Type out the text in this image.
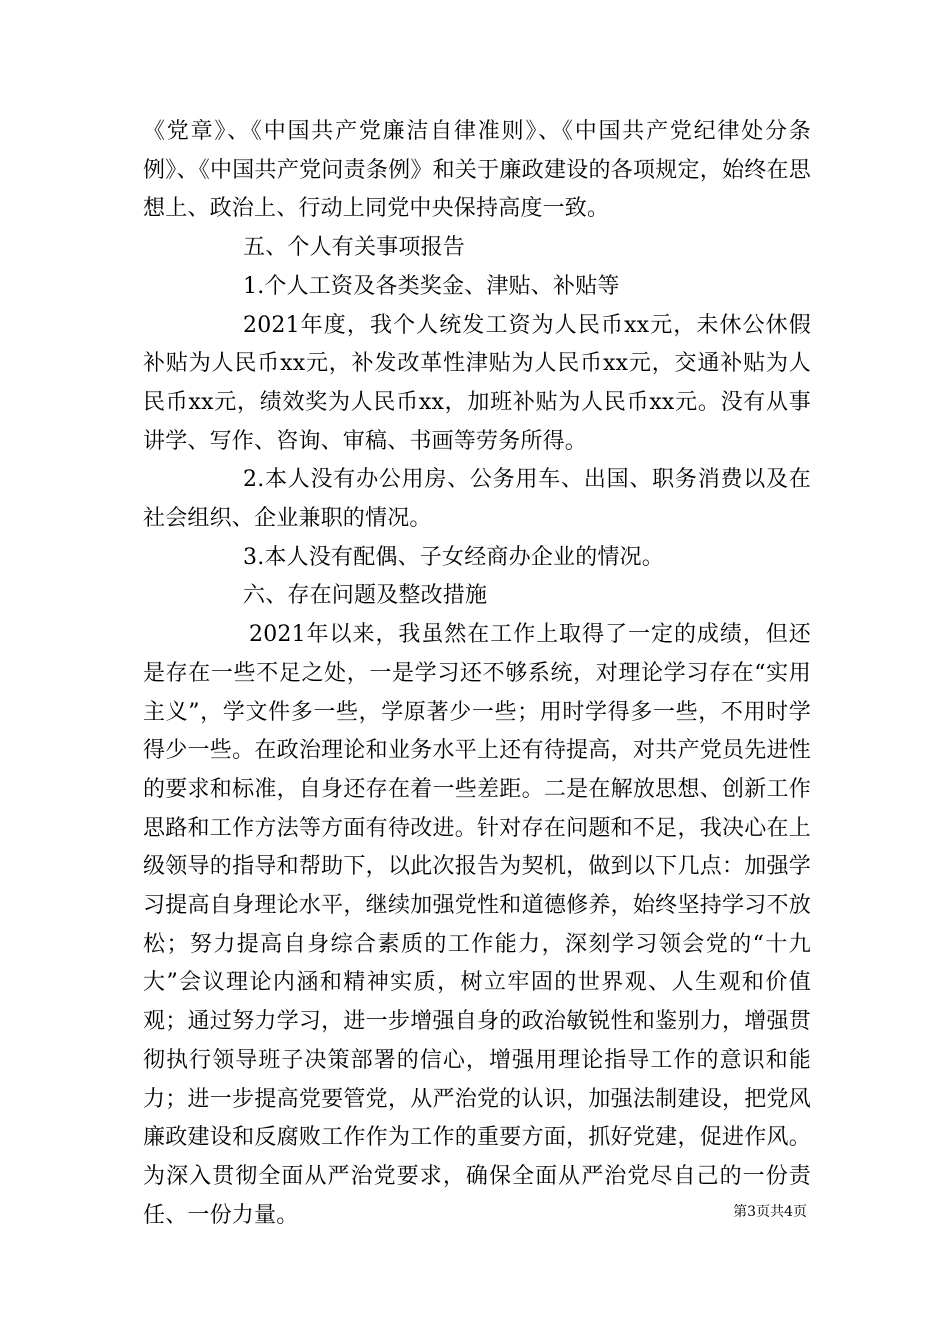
《党章》、《中国共产党廉洁自律准则》、《中国共产党纪律处分条例》、《中国共产党问责条例》和关于廉政建设的各项规定，始终在思想上、政治上、行动上同党中央保持高度一致。

五、个人有关事项报告

1.个人工资及各类奖金、津贴、补贴等

2021年度，我个人统发工资为人民币xx元，未休公休假补贴为人民币xx元，补发改革性津贴为人民币xx元，交通补贴为人民币xx元，绩效奖为人民币xx，加班补贴为人民币xx元。没有从事讲学、写作、咨询、审稿、书画等劳务所得。

2.本人没有办公用房、公务用车、出国、职务消费以及在社会组织、企业兼职的情况。

3.本人没有配偶、子女经商办企业的情况。

六、存在问题及整改措施

2021年以来，我虽然在工作上取得了一定的成绩，但还是存在一些不足之处，一是学习还不够系统，对理论学习存在“实用主义”，学文件多一些，学原著少一些；用时学得多一些，不用时学得少一些。在政治理论和业务水平上还有待提高，对共产党员先进性的要求和标准，自身还存在着一些差距。二是在解放思想、创新工作思路和工作方法等方面有待改进。针对存在问题和不足，我决心在上级领导的指导和帮助下，以此次报告为契机，做到以下几点：加强学习提高自身理论水平，继续加强党性和道德修养，始终坚持学习不放松；努力提高自身综合素质的工作能力，深刻学习领会党的“十九大”会议理论内涵和精神实质，树立牢固的世界观、人生观和价值观；通过努力学习，进一步增强自身的政治敏锐性和鉴别力，增强贯彻执行领导班子决策部署的信心，增强用理论指导工作的意识和能力；进一步提高党要管党，从严治党的认识，加强法制建设，把党风廉政建设和反腐败工作作为工作的重要方面，抓好党建，促进作风。为深入贯彻全面从严治党要求，确保全面从严治党尽自己的一份责任、一份力量。	第3页共4页
